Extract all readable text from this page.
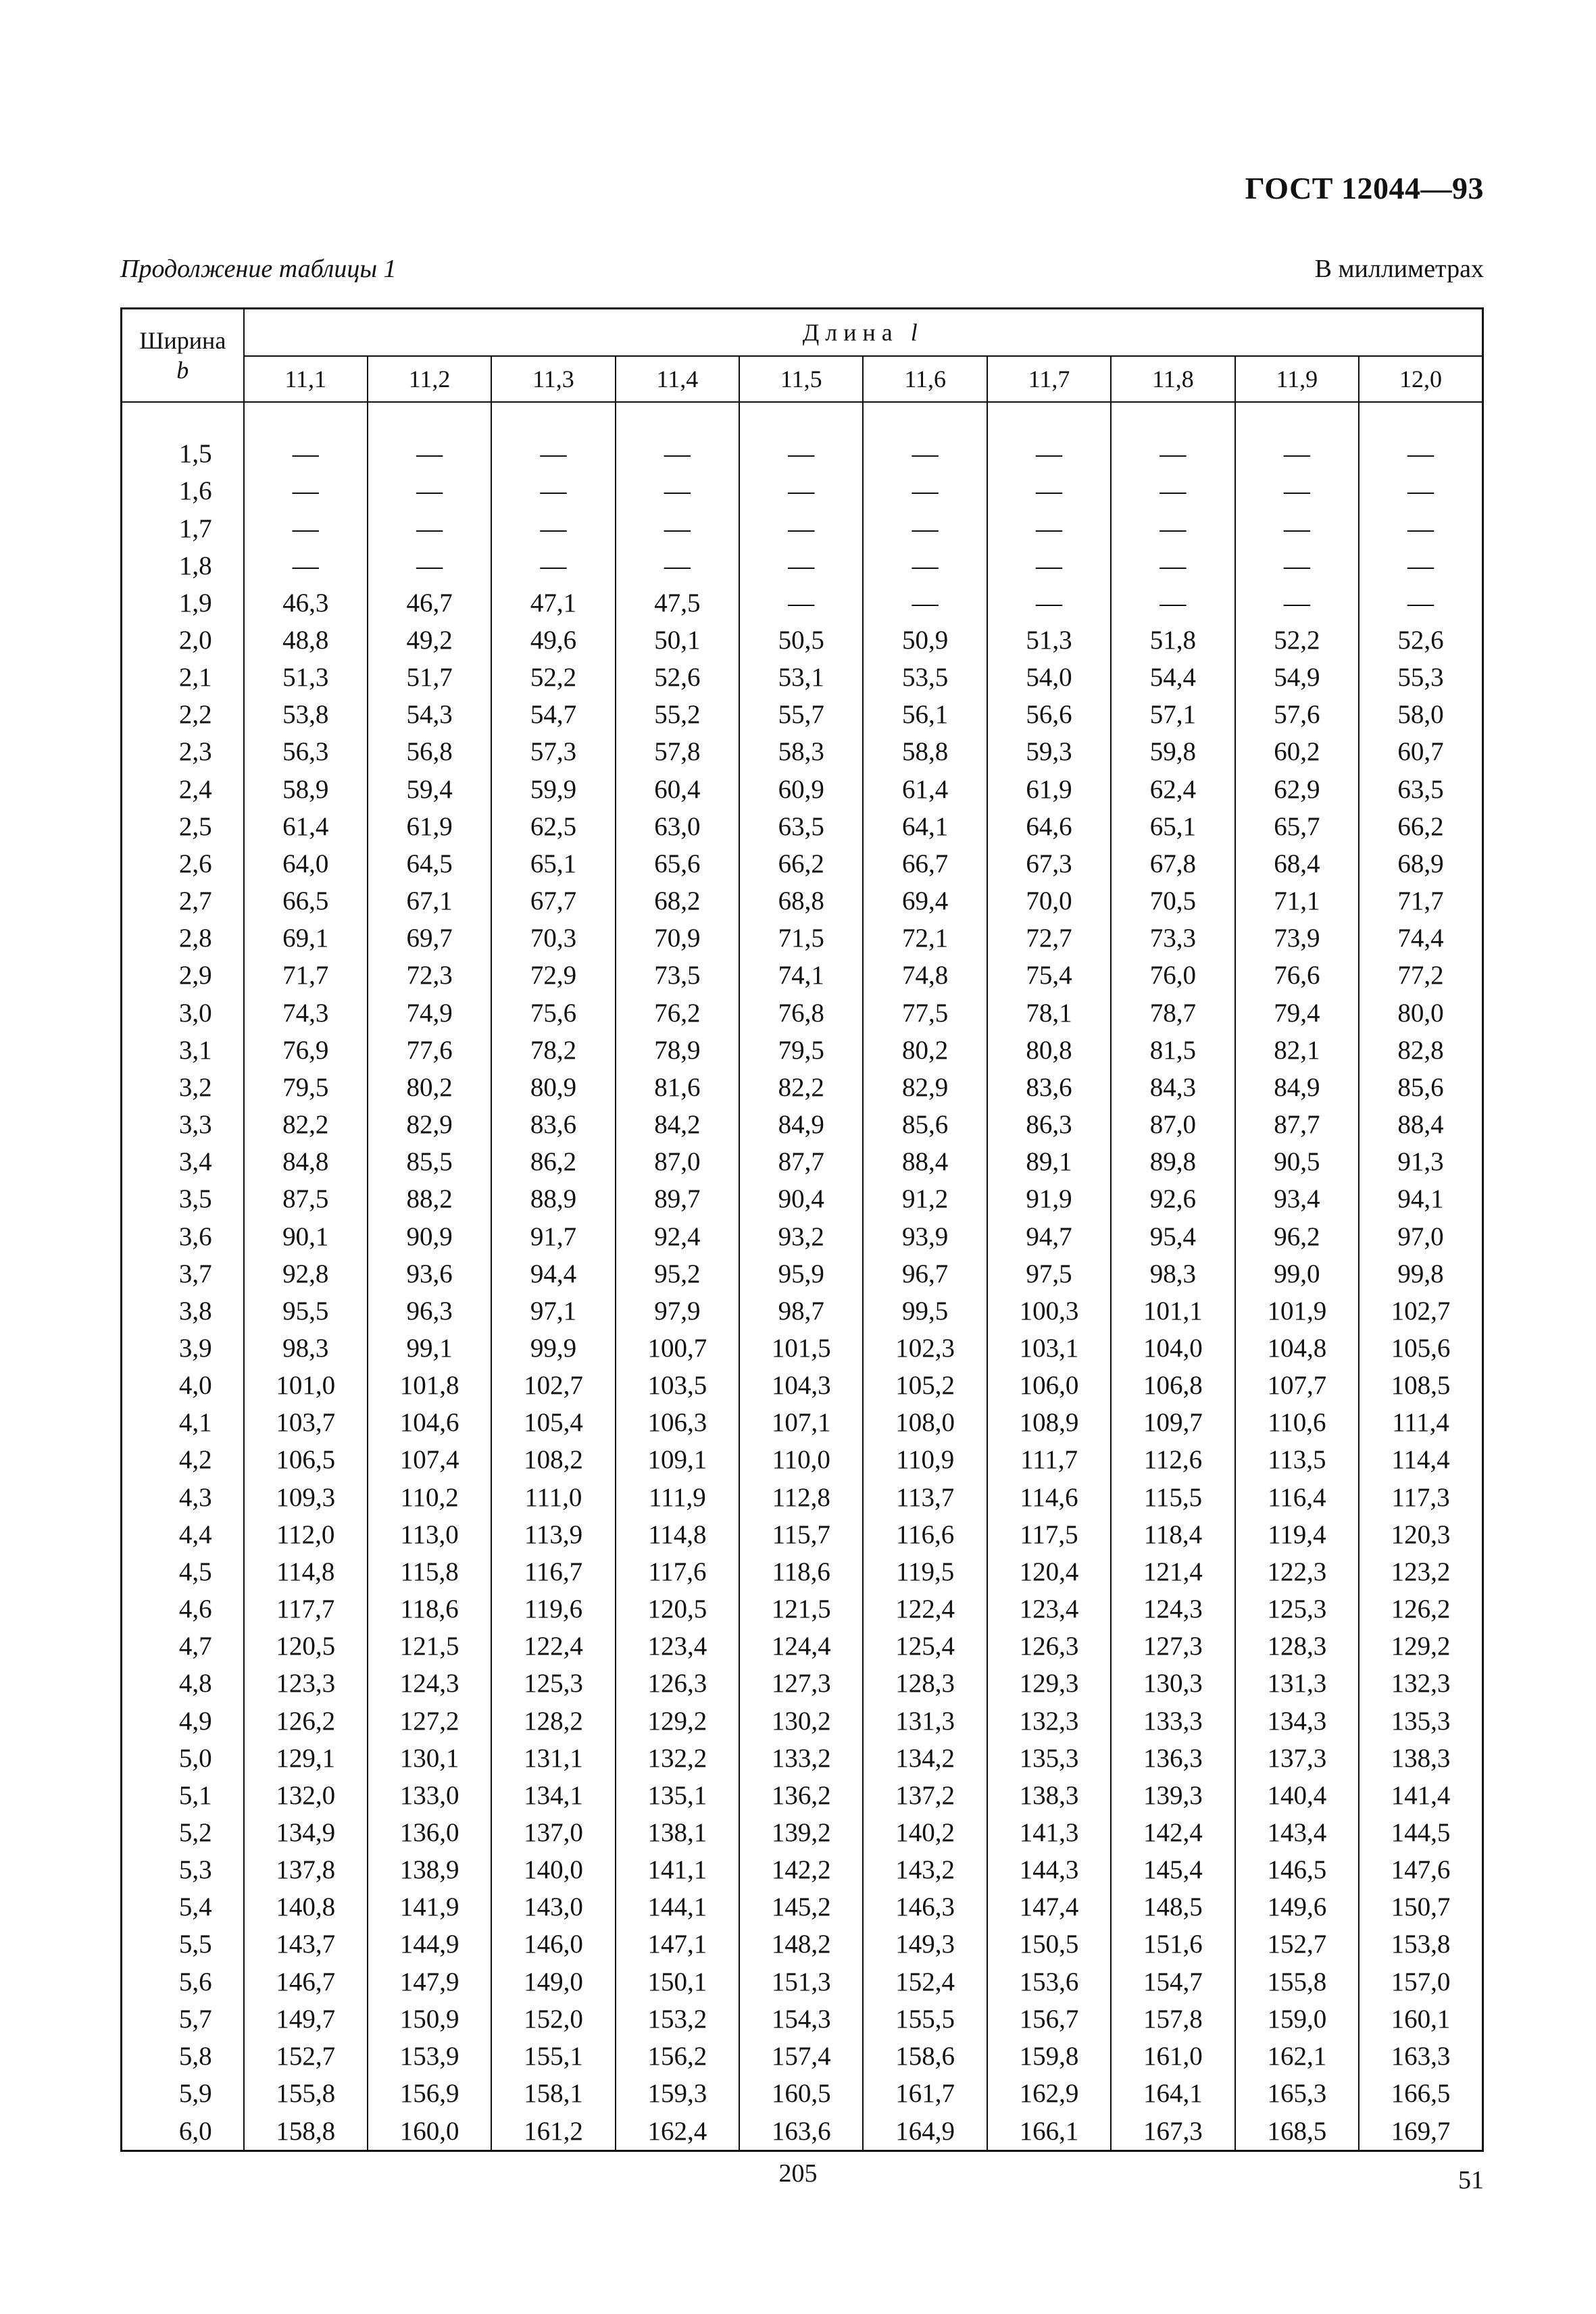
ГОСТ 12044—93
Продолжение таблицы 1	В миллиметрах
Ширина
b	Длина l									
	11,1	11,2	11,3	11,4	11,5	11,6	11,7	11,8	11,9	12,0

1,5	—	—	—	—	—	—	—	—	—	—
1,6	—	—	—	—	—	—	—	—	—	—
1,7	—	—	—	—	—	—	—	—	—	—
1,8	—	—	—	—	—	—	—	—	—	—
1,9	46,3	46,7	47,1	47,5	—	—	—	—	—	—
2,0	48,8	49,2	49,6	50,1	50,5	50,9	51,3	51,8	52,2	52,6
2,1	51,3	51,7	52,2	52,6	53,1	53,5	54,0	54,4	54,9	55,3
2,2	53,8	54,3	54,7	55,2	55,7	56,1	56,6	57,1	57,6	58,0
2,3	56,3	56,8	57,3	57,8	58,3	58,8	59,3	59,8	60,2	60,7
2,4	58,9	59,4	59,9	60,4	60,9	61,4	61,9	62,4	62,9	63,5
2,5	61,4	61,9	62,5	63,0	63,5	64,1	64,6	65,1	65,7	66,2
2,6	64,0	64,5	65,1	65,6	66,2	66,7	67,3	67,8	68,4	68,9
2,7	66,5	67,1	67,7	68,2	68,8	69,4	70,0	70,5	71,1	71,7
2,8	69,1	69,7	70,3	70,9	71,5	72,1	72,7	73,3	73,9	74,4
2,9	71,7	72,3	72,9	73,5	74,1	74,8	75,4	76,0	76,6	77,2
3,0	74,3	74,9	75,6	76,2	76,8	77,5	78,1	78,7	79,4	80,0
3,1	76,9	77,6	78,2	78,9	79,5	80,2	80,8	81,5	82,1	82,8
3,2	79,5	80,2	80,9	81,6	82,2	82,9	83,6	84,3	84,9	85,6
3,3	82,2	82,9	83,6	84,2	84,9	85,6	86,3	87,0	87,7	88,4
3,4	84,8	85,5	86,2	87,0	87,7	88,4	89,1	89,8	90,5	91,3
3,5	87,5	88,2	88,9	89,7	90,4	91,2	91,9	92,6	93,4	94,1
3,6	90,1	90,9	91,7	92,4	93,2	93,9	94,7	95,4	96,2	97,0
3,7	92,8	93,6	94,4	95,2	95,9	96,7	97,5	98,3	99,0	99,8
3,8	95,5	96,3	97,1	97,9	98,7	99,5	100,3	101,1	101,9	102,7
3,9	98,3	99,1	99,9	100,7	101,5	102,3	103,1	104,0	104,8	105,6
4,0	101,0	101,8	102,7	103,5	104,3	105,2	106,0	106,8	107,7	108,5
4,1	103,7	104,6	105,4	106,3	107,1	108,0	108,9	109,7	110,6	111,4
4,2	106,5	107,4	108,2	109,1	110,0	110,9	111,7	112,6	113,5	114,4
4,3	109,3	110,2	111,0	111,9	112,8	113,7	114,6	115,5	116,4	117,3
4,4	112,0	113,0	113,9	114,8	115,7	116,6	117,5	118,4	119,4	120,3
4,5	114,8	115,8	116,7	117,6	118,6	119,5	120,4	121,4	122,3	123,2
4,6	117,7	118,6	119,6	120,5	121,5	122,4	123,4	124,3	125,3	126,2
4,7	120,5	121,5	122,4	123,4	124,4	125,4	126,3	127,3	128,3	129,2
4,8	123,3	124,3	125,3	126,3	127,3	128,3	129,3	130,3	131,3	132,3
4,9	126,2	127,2	128,2	129,2	130,2	131,3	132,3	133,3	134,3	135,3
5,0	129,1	130,1	131,1	132,2	133,2	134,2	135,3	136,3	137,3	138,3
5,1	132,0	133,0	134,1	135,1	136,2	137,2	138,3	139,3	140,4	141,4
5,2	134,9	136,0	137,0	138,1	139,2	140,2	141,3	142,4	143,4	144,5
5,3	137,8	138,9	140,0	141,1	142,2	143,2	144,3	145,4	146,5	147,6
5,4	140,8	141,9	143,0	144,1	145,2	146,3	147,4	148,5	149,6	150,7
5,5	143,7	144,9	146,0	147,1	148,2	149,3	150,5	151,6	152,7	153,8
5,6	146,7	147,9	149,0	150,1	151,3	152,4	153,6	154,7	155,8	157,0
5,7	149,7	150,9	152,0	153,2	154,3	155,5	156,7	157,8	159,0	160,1
5,8	152,7	153,9	155,1	156,2	157,4	158,6	159,8	161,0	162,1	163,3
5,9	155,8	156,9	158,1	159,3	160,5	161,7	162,9	164,1	165,3	166,5
6,0	158,8	160,0	161,2	162,4	163,6	164,9	166,1	167,3	168,5	169,7
205	51
